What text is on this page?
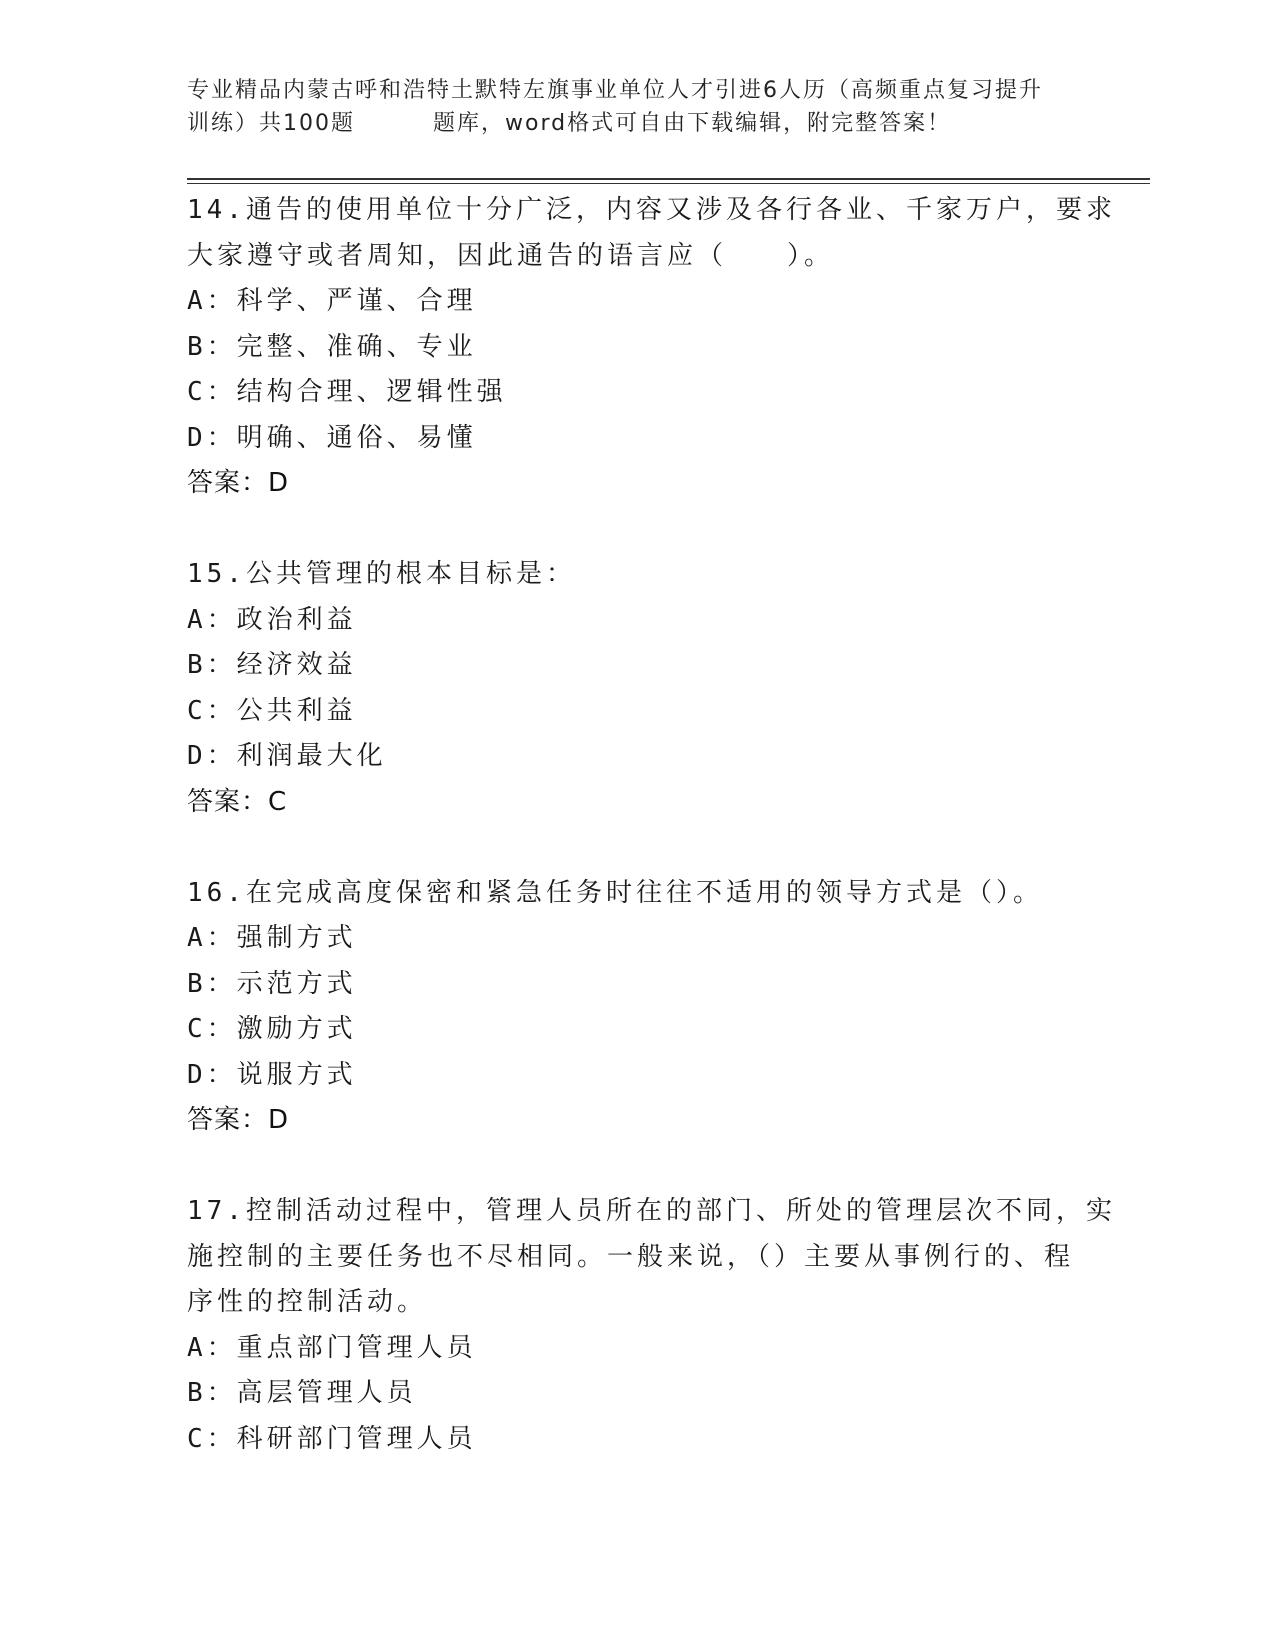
专业精品内蒙古呼和浩特土默特左旗事业单位人才引进6人历（高频重点复习提升
训练）共100题	题库，word格式可自由下载编辑，附完整答案！
14.通告的使用单位十分广泛，内容又涉及各行各业、千家万户，要求
大家遵守或者周知，因此通告的语言应（　　）。
A：科学、严谨、合理
B：完整、准确、专业
C：结构合理、逻辑性强
D：明确、通俗、易懂
答案：D
15.公共管理的根本目标是：
A：政治利益
B：经济效益
C：公共利益
D：利润最大化
答案：C
16.在完成高度保密和紧急任务时往往不适用的领导方式是（）。
A：强制方式
B：示范方式
C：激励方式
D：说服方式
答案：D
17.控制活动过程中，管理人员所在的部门、所处的管理层次不同，实
施控制的主要任务也不尽相同。一般来说，（）主要从事例行的、程
序性的控制活动。
A：重点部门管理人员
B：高层管理人员
C：科研部门管理人员
